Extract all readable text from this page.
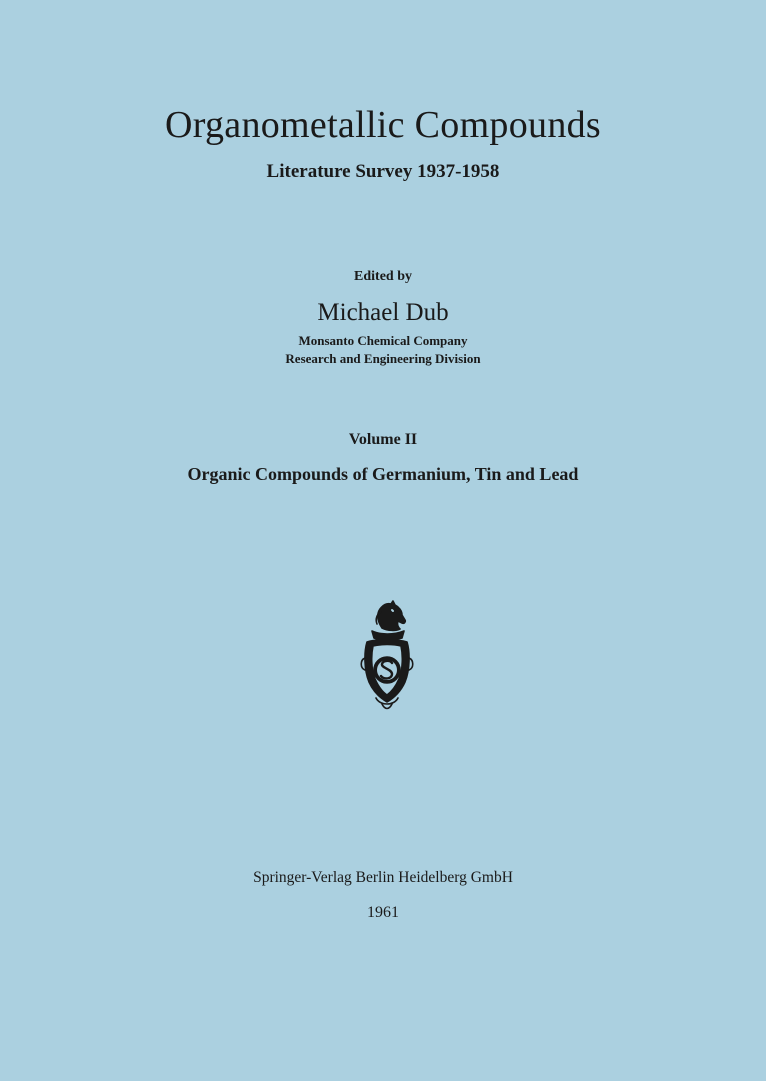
Organometallic Compounds
Literature Survey 1937-1958
Edited by
Michael Dub
Monsanto Chemical Company
Research and Engineering Division
Volume II
Organic Compounds of Germanium, Tin and Lead
Springer-Verlag Berlin Heidelberg GmbH
1961
